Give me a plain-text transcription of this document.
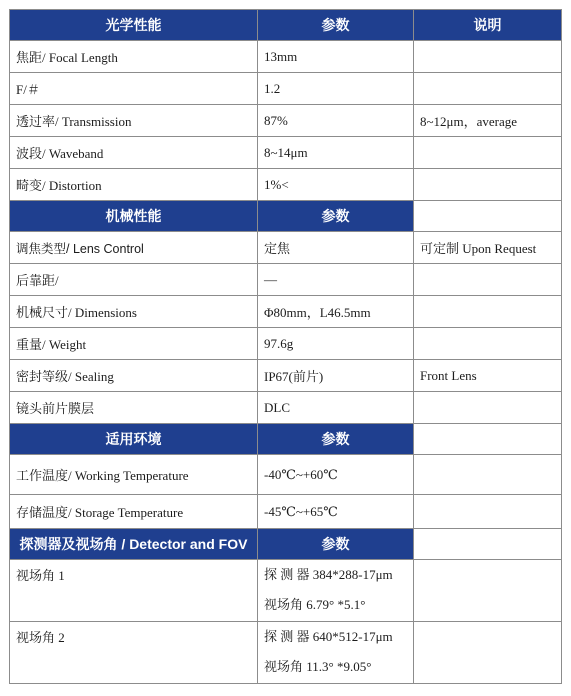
光学性能	参数	说明
焦距/ Focal Length	13mm	
F/＃	1.2	
透过率/ Transmission	87%	8~12μm，average
波段/ Waveband	8~14μm	
畸变/ Distortion	1%<	
机械性能	参数	
调焦类型/ Lens Control	定焦	可定制 Upon Request
后靠距/	—	
机械尺寸/ Dimensions	Φ80mm，L46.5mm	
重量/ Weight	97.6g	
密封等级/ Sealing	IP67(前片)	Front Lens
镜头前片膜层	DLC	
适用环境	参数	
工作温度/ Working Temperature	-40℃~+60℃	
存储温度/ Storage Temperature	-45℃~+65℃	
探测器及视场角 / Detector and FOV	参数	
视场角 1	探 测 器 384*288-17μm
视场角 6.79° *5.1°	

视场角 2	探 测 器 640*512-17μm
视场角 11.3° *9.05°	
